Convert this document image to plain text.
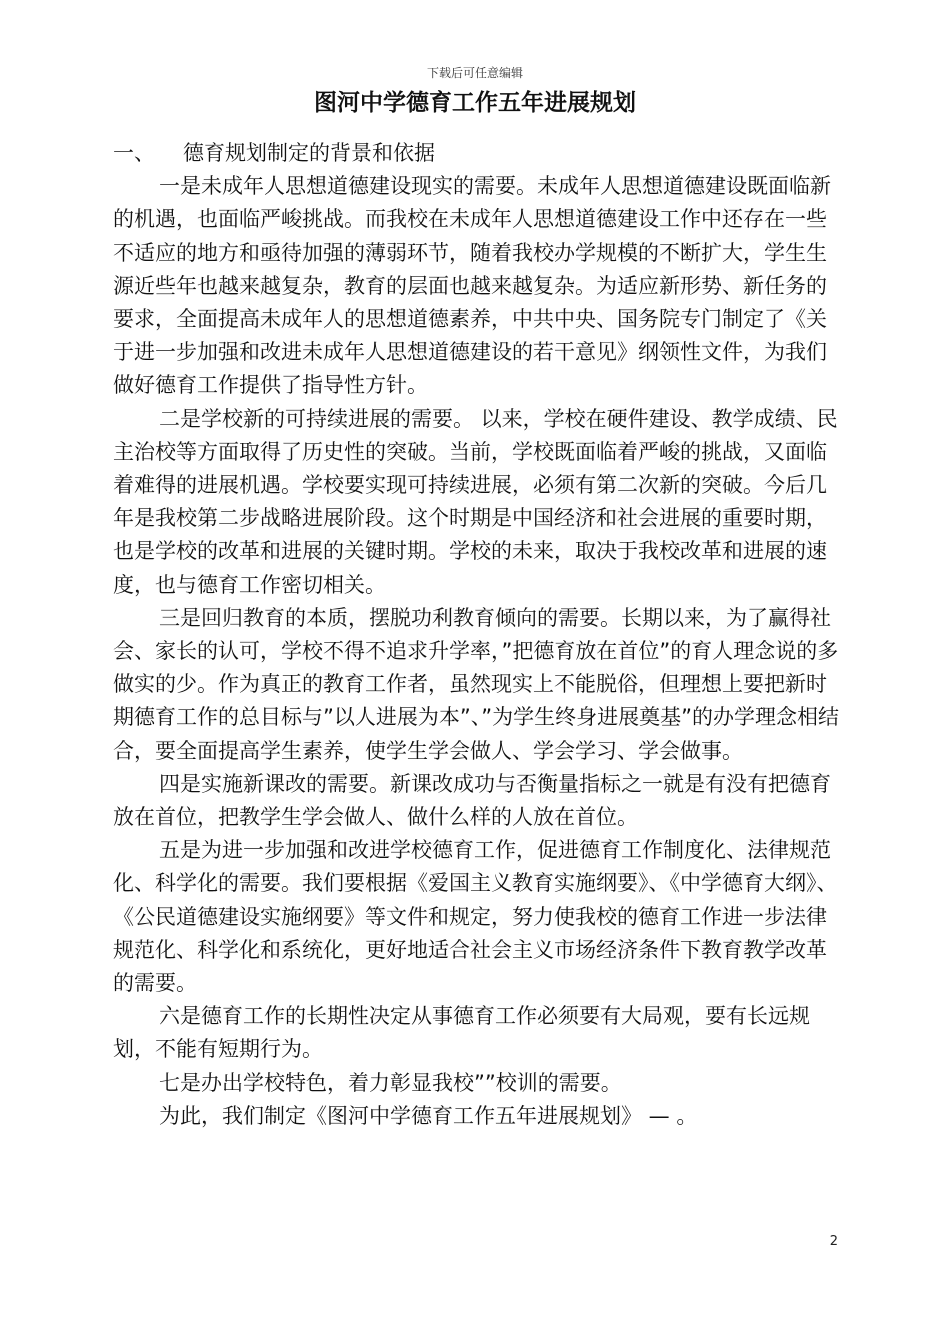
下载后可任意编辑
图河中学德育工作五年进展规划

一、 德育规划制定的背景和依据

一是未成年人思想道德建设现实的需要。未成年人思想道德建设既面临新的机遇，也面临严峻挑战。而我校在未成年人思想道德建设工作中还存在一些不适应的地方和亟待加强的薄弱环节，随着我校办学规模的不断扩大，学生生源近些年也越来越复杂，教育的层面也越来越复杂。为适应新形势、新任务的要求，全面提高未成年人的思想道德素养，中共中央、国务院专门制定了《关于进一步加强和改进未成年人思想道德建设的若干意见》纲领性文件，为我们做好德育工作提供了指导性方针。

二是学校新的可持续进展的需要。 以来，学校在硬件建设、教学成绩、民主治校等方面取得了历史性的突破。当前，学校既面临着严峻的挑战，又面临着难得的进展机遇。学校要实现可持续进展，必须有第二次新的突破。今后几年是我校第二步战略进展阶段。这个时期是中国经济和社会进展的重要时期，也是学校的改革和进展的关键时期。学校的未来，取决于我校改革和进展的速度，也与德育工作密切相关。

三是回归教育的本质，摆脱功利教育倾向的需要。长期以来，为了赢得社会、家长的认可，学校不得不追求升学率，”把德育放在首位”的育人理念说的多做实的少。作为真正的教育工作者，虽然现实上不能脱俗，但理想上要把新时期德育工作的总目标与”以人进展为本”、”为学生终身进展奠基”的办学理念相结合，要全面提高学生素养，使学生学会做人、学会学习、学会做事。

四是实施新课改的需要。新课改成功与否衡量指标之一就是有没有把德育放在首位，把教学生学会做人、做什么样的人放在首位。

五是为进一步加强和改进学校德育工作，促进德育工作制度化、法律规范化、科学化的需要。我们要根据《爱国主义教育实施纲要》、《中学德育大纲》、《公民道德建设实施纲要》等文件和规定，努力使我校的德育工作进一步法律规范化、科学化和系统化，更好地适合社会主义市场经济条件下教育教学改革的需要。

六是德育工作的长期性决定从事德育工作必须要有大局观，要有长远规划，不能有短期行为。

七是办出学校特色，着力彰显我校””校训的需要。

为此，我们制定《图河中学德育工作五年进展规划》 — 。

2
